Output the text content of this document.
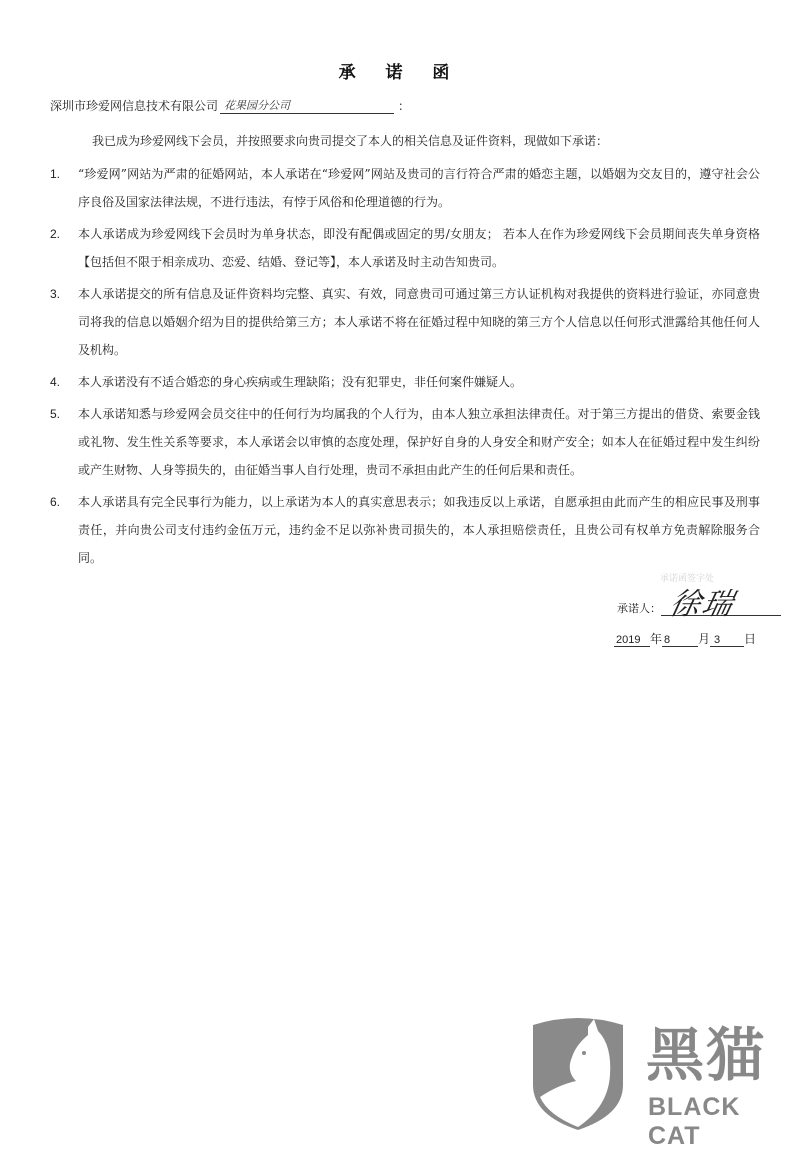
承 诺 函
深圳市珍爱网信息技术有限公司 花果园分公司	：
我已成为珍爱网线下会员，并按照要求向贵司提交了本人的相关信息及证件资料，现做如下承诺：
1.	“珍爱网”网站为严肃的征婚网站，本人承诺在“珍爱网”网站及贵司的言行符合严肃的婚恋主题，以婚姻为交友目的，遵守社会公序良俗及国家法律法规，不进行违法，有悖于风俗和伦理道德的行为。
2.	本人承诺成为珍爱网线下会员时为单身状态，即没有配偶或固定的男/女朋友； 若本人在作为珍爱网线下会员期间丧失单身资格【包括但不限于相亲成功、恋爱、结婚、登记等】，本人承诺及时主动告知贵司。
3.	本人承诺提交的所有信息及证件资料均完整、真实、有效，同意贵司可通过第三方认证机构对我提供的资料进行验证，亦同意贵司将我的信息以婚姻介绍为目的提供给第三方；本人承诺不将在征婚过程中知晓的第三方个人信息以任何形式泄露给其他任何人及机构。
4.	本人承诺没有不适合婚恋的身心疾病或生理缺陷；没有犯罪史，非任何案件嫌疑人。
5.	本人承诺知悉与珍爱网会员交往中的任何行为均属我的个人行为，由本人独立承担法律责任。对于第三方提出的借贷、索要金钱或礼物、发生性关系等要求，本人承诺会以审慎的态度处理，保护好自身的人身安全和财产安全；如本人在征婚过程中发生纠纷或产生财物、人身等损失的，由征婚当事人自行处理，贵司不承担由此产生的任何后果和责任。
6.	本人承诺具有完全民事行为能力，以上承诺为本人的真实意思表示；如我违反以上承诺，自愿承担由此而产生的相应民事及刑事责任，并向贵公司支付违约金伍万元，违约金不足以弥补贵司损失的，本人承担赔偿责任，且贵公司有权单方免责解除服务合同。
承诺函签字处
承诺人： 徐瑞
2019 年 8	月 3	日
黑猫
BLACK CAT
